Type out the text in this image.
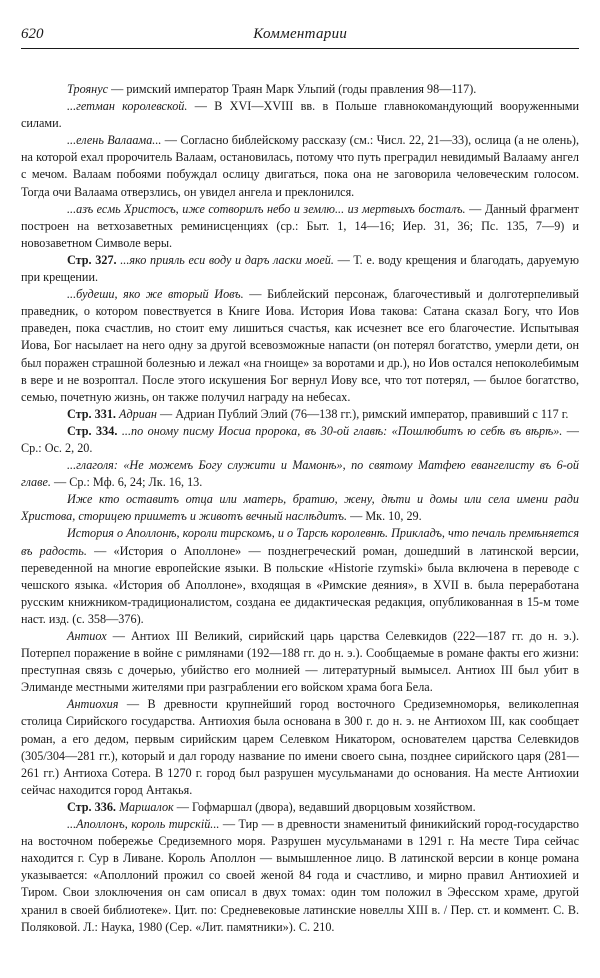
620	Комментарии

Троянус — римский император Траян Марк Ульпий (годы правления 98—117).

...гетман королевской. — В XVI—XVIII вв. в Польше главнокомандующий вооруженными силами.

...елень Валаама... — Согласно библейскому рассказу (см.: Числ. 22, 21—33), ослица (а не олень), на которой ехал пророчитель Валаам, остановилась, потому что путь преградил невидимый Валааму ангел с мечом. Валаам побоями побуждал ослицу двигаться, пока она не заговорила человеческим голосом. Тогда очи Валаама отверзлись, он увидел ангела и преклонился.

...азъ есмь Христосъ, иже сотворилъ небо и землю... из мертвыхъ босталъ. — Данный фрагмент построен на ветхозаветных реминисценциях (ср.: Быт. 1, 14—16; Иер. 31, 36; Пс. 135, 7—9) и новозаветном Символе веры.

Стр. 327. ...яко прияль еси воду и даръ ласки моей. — Т. е. воду крещения и благодать, даруемую при крещении.

...будеши, яко же вторый Иовъ. — Библейский персонаж, благочестивый и долготерпеливый праведник, о котором повествуется в Книге Иова. История Иова такова: Сатана сказал Богу, что Иов праведен, пока счастлив, но стоит ему лишиться счастья, как исчезнет все его благочестие. Испытывая Иова, Бог насылает на него одну за другой всевозможные напасти (он потерял богатство, умерли дети, он был поражен страшной болезнью и лежал «на гноище» за воротами и др.), но Иов остался непоколебимым в вере и не возроптал. После этого искушения Бог вернул Иову все, что тот потерял, — былое богатство, семью, почетную жизнь, он также получил награду на небесах.

Стр. 331. Адриан — Адриан Публий Элий (76—138 гг.), римский император, правивший с 117 г.

Стр. 334. ...по оному писму Иосиа пророка, въ 30-ой главѣ: «Пошлюбитъ ю себѣ въ вѣрѣ». — Ср.: Ос. 2, 20.

...глаголя: «Не можемъ Богу служити и Мамонѣ», по святому Матфею евангелисту въ 6-ой главе. — Ср.: Мф. 6, 24; Лк. 16, 13.

Иже кто оставитъ отца или матерь, братию, жену, дѣти и домы или села имени ради Христова, сторицею прииметъ и животъ вечный наслѣдитъ. — Мк. 10, 29.

История о Аполлонѣ, короли тирскомъ, и о Тарсѣ королевнѣ. Прикладъ, что печаль премѣняется въ радость. — «История о Аполлоне» — позднегреческий роман, дошедший в латинской версии, переведенной на многие европейские языки. В польские «Historie rzymski» была включена в переводе с чешского языка. «История об Аполлоне», входящая в «Римские деяния», в XVII в. была переработана русским книжником-традиционалистом, создана ее дидактическая редакция, опубликованная в 15-м томе наст. изд. (с. 358—376).

Антиох — Антиох III Великий, сирийский царь царства Селевкидов (222—187 гг. до н. э.). Потерпел поражение в войне с римлянами (192—188 гг. до н. э.). Сообщаемые в романе факты его жизни: преступная связь с дочерью, убийство его молнией — литературный вымысел. Антиох III был убит в Элиманде местными жителями при разграблении его войском храма бога Бела.

Антиохия — В древности крупнейший город восточного Средиземноморья, великолепная столица Сирийского государства. Антиохия была основана в 300 г. до н. э. не Антиохом III, как сообщает роман, а его дедом, первым сирийским царем Селевком Никатором, основателем царства Селевкидов (305/304—281 гг.), который и дал городу название по имени своего сына, позднее сирийского царя (281—261 гг.) Антиоха Сотера. В 1270 г. город был разрушен мусульманами до основания. На месте Антиохии сейчас находится город Антакья.

Стр. 336. Маршалок — Гофмаршал (двора), ведавший дворцовым хозяйством.

...Аполлонъ, король тирскій... — Тир — в древности знаменитый финикийский город-государство на восточном побережье Средиземного моря. Разрушен мусульманами в 1291 г. На месте Тира сейчас находится г. Сур в Ливане. Король Аполлон — вымышленное лицо. В латинской версии в конце романа указывается: «Аполлоний прожил со своей женой 84 года и счастливо, и мирно правил Антиохией и Тиром. Свои злоключения он сам описал в двух томах: один том положил в Эфесском храме, другой хранил в своей библиотеке». Цит. по: Средневековые латинские новеллы XIII в. / Пер. ст. и коммент. С. В. Поляковой. Л.: Наука, 1980 (Сер. «Лит. памятники»). С. 210.
